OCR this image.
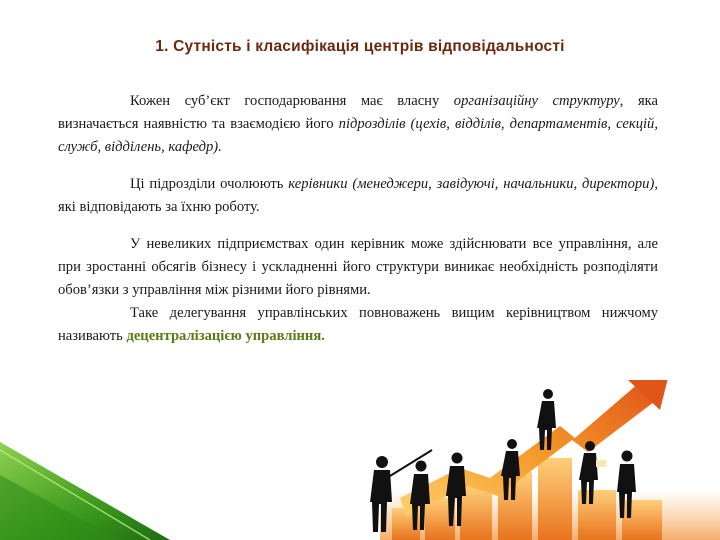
1. Сутність і класифікація центрів відповідальності

Кожен суб’єкт господарювання має власну організаційну структуру, яка визначається наявністю та взаємодією його підрозділів (цехів, відділів, департаментів, секцій, служб, відділень, кафедр).

Ці підрозділи очолюють керівники (менеджери, завідуючі, начальники, директори), які відповідають за їхню роботу.

У невеликих підприємствах один керівник може здійснювати все управління, але при зростанні обсягів бізнесу і ускладненні його структури виникає необхідність розподіляти обов’язки з управління між різними його рівнями.

Таке делегування управлінських повноважень вищим керівництвом нижчому називають децентралізацією управління.
